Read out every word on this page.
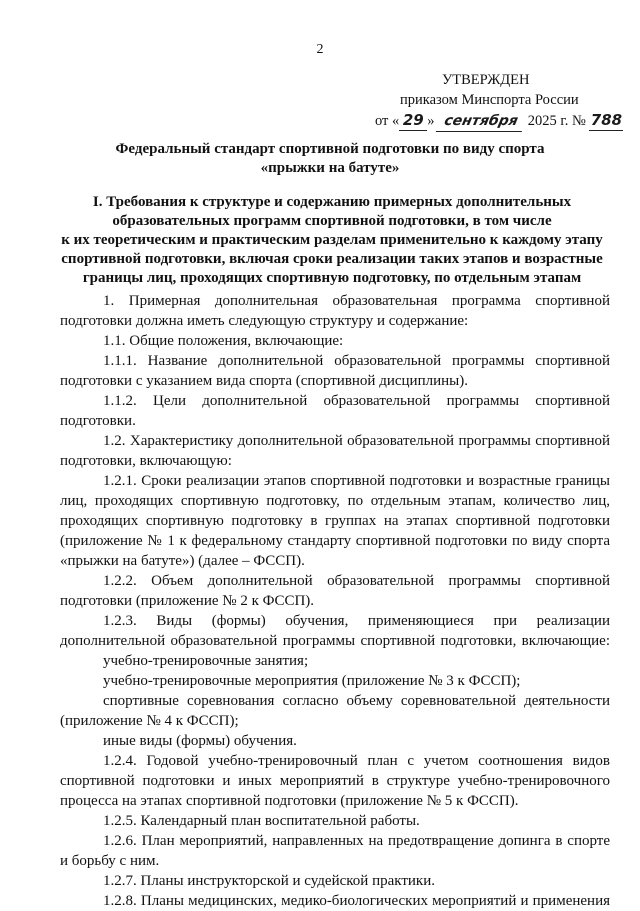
2
УТВЕРЖДЕН
приказом Минспорта России
от « 29 » сентября 2025 г. № 788
Федеральный стандарт спортивной подготовки по виду спорта
«прыжки на батуте»
I. Требования к структуре и содержанию примерных дополнительных
образовательных программ спортивной подготовки, в том числе
к их теоретическим и практическим разделам применительно к каждому этапу
спортивной подготовки, включая сроки реализации таких этапов и возрастные
границы лиц, проходящих спортивную подготовку, по отдельным этапам
1. Примерная дополнительная образовательная программа спортивной
подготовки должна иметь следующую структуру и содержание:
1.1. Общие положения, включающие:
1.1.1. Название дополнительной образовательной программы спортивной
подготовки с указанием вида спорта (спортивной дисциплины).
1.1.2. Цели дополнительной образовательной программы спортивной
подготовки.
1.2. Характеристику дополнительной образовательной программы спортивной
подготовки, включающую:
1.2.1. Сроки реализации этапов спортивной подготовки и возрастные границы
лиц, проходящих спортивную подготовку, по отдельным этапам, количество лиц,
проходящих спортивную подготовку в группах на этапах спортивной подготовки
(приложение № 1 к федеральному стандарту спортивной подготовки по виду спорта
«прыжки на батуте») (далее – ФССП).
1.2.2. Объем дополнительной образовательной программы спортивной
подготовки (приложение № 2 к ФССП).
1.2.3. Виды (формы) обучения, применяющиеся при реализации
дополнительной образовательной программы спортивной подготовки, включающие:
учебно-тренировочные занятия;
учебно-тренировочные мероприятия (приложение № 3 к ФССП);
спортивные соревнования согласно объему соревновательной деятельности
(приложение № 4 к ФССП);
иные виды (формы) обучения.
1.2.4. Годовой учебно-тренировочный план с учетом соотношения видов
спортивной подготовки и иных мероприятий в структуре учебно-тренировочного
процесса на этапах спортивной подготовки (приложение № 5 к ФССП).
1.2.5. Календарный план воспитательной работы.
1.2.6. План мероприятий, направленных на предотвращение допинга в спорте
и борьбу с ним.
1.2.7. Планы инструкторской и судейской практики.
1.2.8. Планы медицинских, медико-биологических мероприятий и применения
